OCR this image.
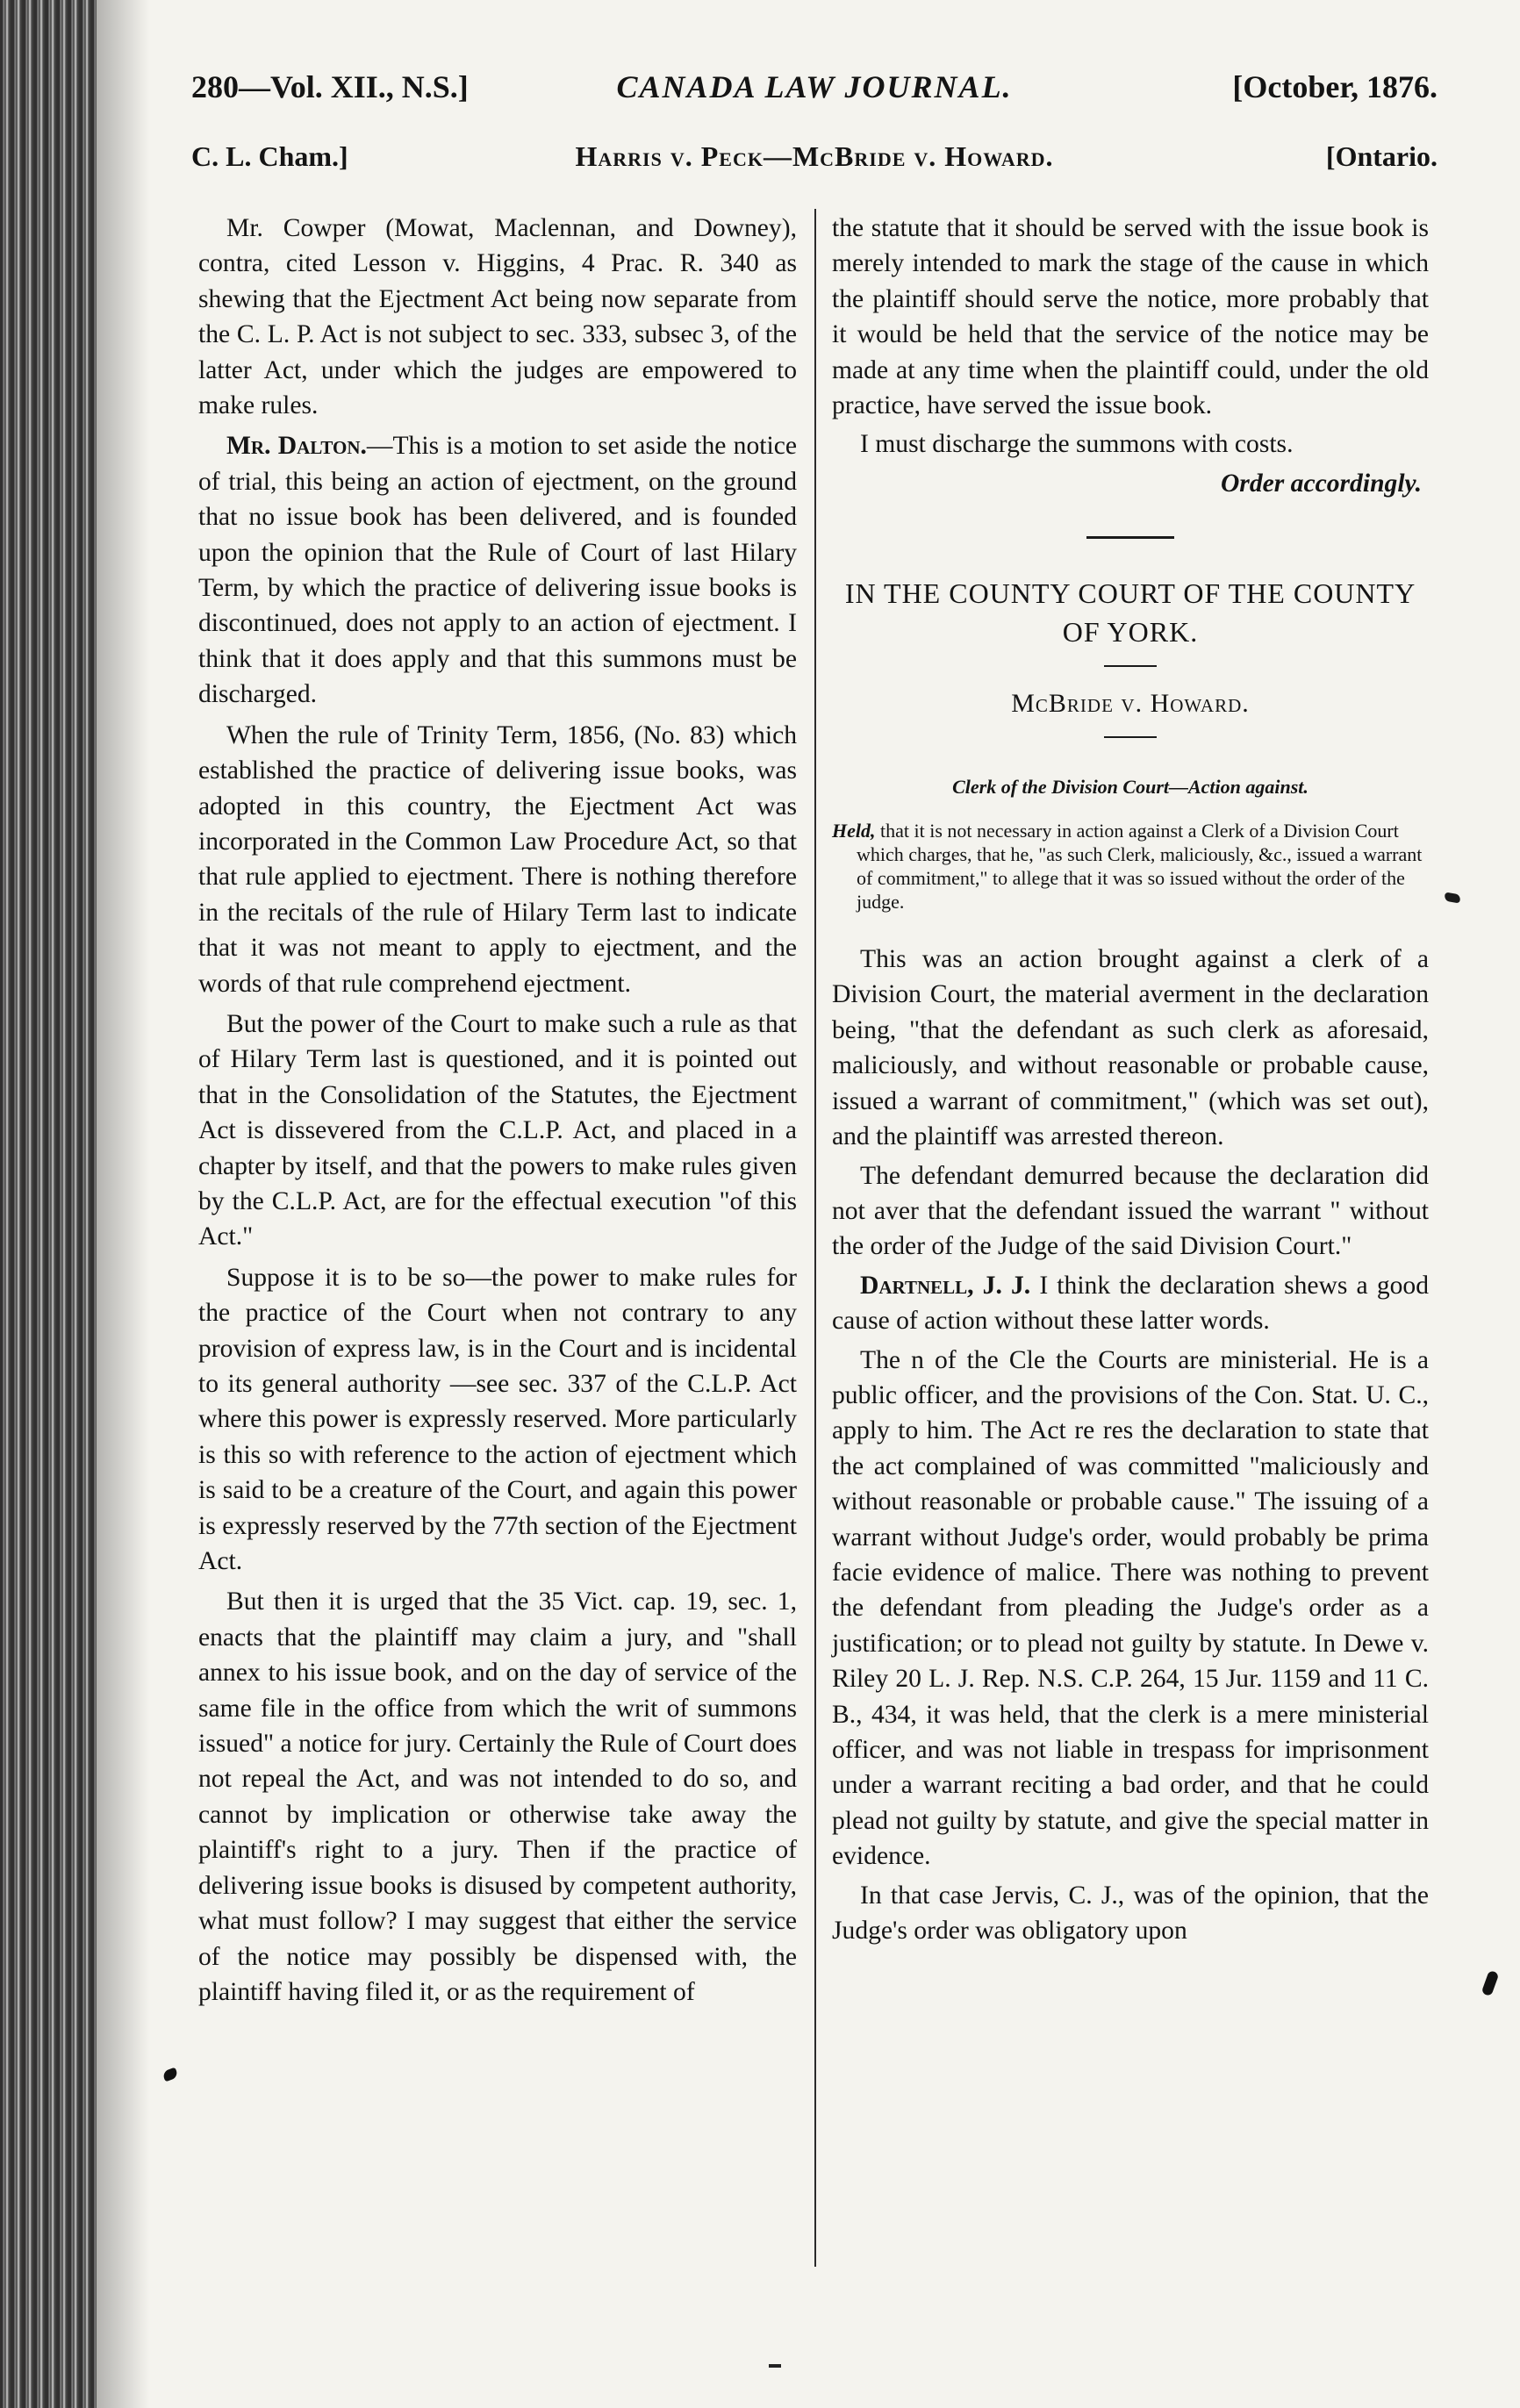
280—Vol. XII., N.S.]	CANADA LAW JOURNAL.	[October, 1876.
C. L. Cham.]	Harris v. Peck—McBride v. Howard.	[Ontario.

Mr. Cowper (Mowat, Maclennan, and Downey), contra, cited Lesson v. Higgins, 4 Prac. R. 340 as shewing that the Ejectment Act being now separate from the C. L. P. Act is not subject to sec. 333, subsec 3, of the latter Act, under which the judges are empowered to make rules.

Mr. Dalton.—This is a motion to set aside the notice of trial, this being an action of ejectment, on the ground that no issue book has been delivered, and is founded upon the opinion that the Rule of Court of last Hilary Term, by which the practice of delivering issue books is discontinued, does not apply to an action of ejectment. I think that it does apply and that this summons must be discharged.

When the rule of Trinity Term, 1856, (No. 83) which established the practice of delivering issue books, was adopted in this country, the Ejectment Act was incorporated in the Common Law Procedure Act, so that that rule applied to ejectment. There is nothing therefore in the recitals of the rule of Hilary Term last to indicate that it was not meant to apply to ejectment, and the words of that rule comprehend ejectment.

But the power of the Court to make such a rule as that of Hilary Term last is questioned, and it is pointed out that in the Consolidation of the Statutes, the Ejectment Act is dissevered from the C.L.P. Act, and placed in a chapter by itself, and that the powers to make rules given by the C.L.P. Act, are for the effectual execution "of this Act."

Suppose it is to be so—the power to make rules for the practice of the Court when not contrary to any provision of express law, is in the Court and is incidental to its general authority —see sec. 337 of the C.L.P. Act where this power is expressly reserved. More particularly is this so with reference to the action of ejectment which is said to be a creature of the Court, and again this power is expressly reserved by the 77th section of the Ejectment Act.

But then it is urged that the 35 Vict. cap. 19, sec. 1, enacts that the plaintiff may claim a jury, and "shall annex to his issue book, and on the day of service of the same file in the office from which the writ of summons issued" a notice for jury. Certainly the Rule of Court does not repeal the Act, and was not intended to do so, and cannot by implication or otherwise take away the plaintiff's right to a jury. Then if the practice of delivering issue books is disused by competent authority, what must follow? I may suggest that either the service of the notice may possibly be dispensed with, the plaintiff having filed it, or as the requirement of

the statute that it should be served with the issue book is merely intended to mark the stage of the cause in which the plaintiff should serve the notice, more probably that it would be held that the service of the notice may be made at any time when the plaintiff could, under the old practice, have served the issue book.

I must discharge the summons with costs.

Order accordingly.
IN THE COUNTY COURT OF THE COUNTY OF YORK.
McBride v. Howard.
Clerk of the Division Court—Action against.
Held, that it is not necessary in action against a Clerk of a Division Court which charges, that he, "as such Clerk, maliciously, &c., issued a warrant of commitment," to allege that it was so issued without the order of the judge.

This was an action brought against a clerk of a Division Court, the material averment in the declaration being, "that the defendant as such clerk as aforesaid, maliciously, and without reasonable or probable cause, issued a warrant of commitment," (which was set out), and the plaintiff was arrested thereon.

The defendant demurred because the declaration did not aver that the defendant issued the warrant " without the order of the Judge of the said Division Court."

Dartnell, J. J. I think the declaration shews a good cause of action without these latter words.

The n of the Cle the Courts are ministerial. He is a public officer, and the provisions of the Con. Stat. U. C., apply to him. The Act re res the declaration to state that the act complained of was committed "maliciously and without reasonable or probable cause." The issuing of a warrant without Judge's order, would probably be prima facie evidence of malice. There was nothing to prevent the defendant from pleading the Judge's order as a justification; or to plead not guilty by statute. In Dewe v. Riley 20 L. J. Rep. N.S. C.P. 264, 15 Jur. 1159 and 11 C. B., 434, it was held, that the clerk is a mere ministerial officer, and was not liable in trespass for imprisonment under a warrant reciting a bad order, and that he could plead not guilty by statute, and give the special matter in evidence.

In that case Jervis, C. J., was of the opinion, that the Judge's order was obligatory upon
